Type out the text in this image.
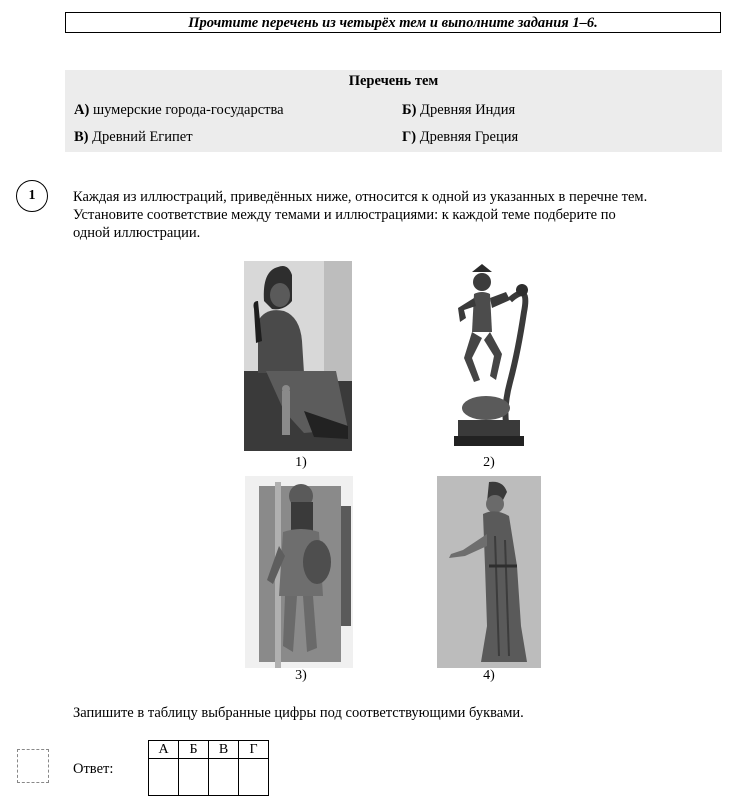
Прочтите перечень из четырёх тем и выполните задания 1–6.
Перечень тем
А) шумерские города-государства	Б) Древняя Индия
В) Древний Египет	Г) Древняя Греция
1	Каждая из иллюстраций, приведённых ниже, относится к одной из указанных в перечне тем.
Установите соответствие между темами и иллюстрациями: к каждой теме подберите по
одной иллюстрации.
1)	2)
3)	4)
Запишите в таблицу выбранные цифры под соответствующими буквами.
Ответ:
А	Б	В	Г
